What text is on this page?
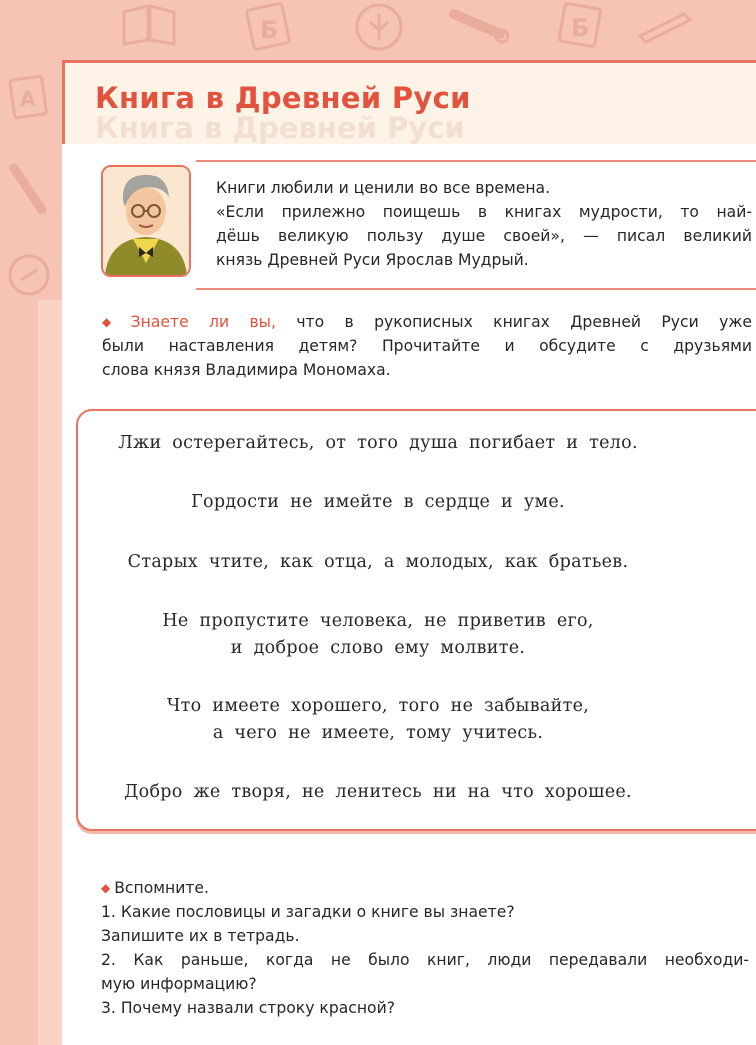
Б	Б
А
Книга в Древней Руси
Книга в Древней Руси
Книги любили и ценили во все времена.
«Если прилежно поищешь в книгах мудрости, то най-
дёшь великую пользу душе своей», — писал великий
князь Древней Руси Ярослав Мудрый.
◆ Знаете ли вы, что в рукописных книгах Древней Руси уже
были наставления детям? Прочитайте и обсудите с друзьями
слова князя Владимира Мономаха.
Лжи остерегайтесь, от того душа погибает и тело.
Гордости не имейте в сердце и уме.
Старых чтите, как отца, а молодых, как братьев.
Не пропустите человека, не приветив его,
и доброе слово ему молвите.
Что имеете хорошего, того не забывайте,
а чего не имеете, тому учитесь.
Добро же творя, не ленитесь ни на что хорошее.
◆ Вспомните.
1. Какие пословицы и загадки о книге вы знаете?
Запишите их в тетрадь.
2. Как раньше, когда не было книг, люди передавали необходи-
мую информацию?
3. Почему назвали строку красной?
